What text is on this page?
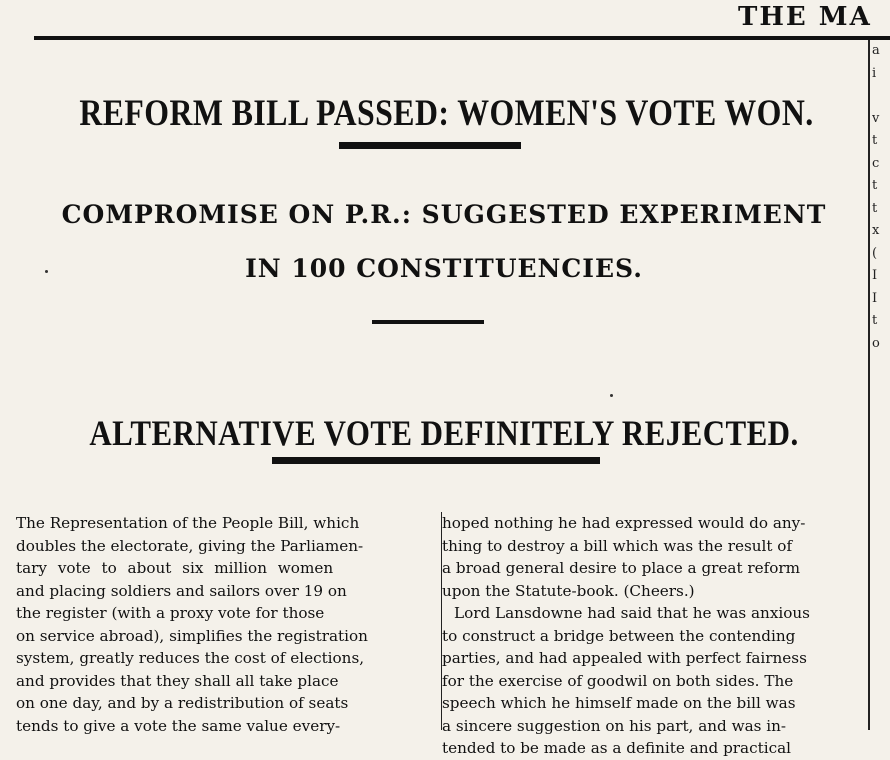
THE MA
REFORM BILL PASSED: WOMEN'S VOTE WON.
COMPROMISE ON P.R.: SUGGESTED EXPERIMENT
IN 100 CONSTITUENCIES.
ALTERNATIVE VOTE DEFINITELY REJECTED.
The Representation of the People Bill, which
doubles the electorate, giving the Parliamen-
tary vote to about six million women
and placing soldiers and sailors over 19 on
the register (with a proxy vote for those
on service abroad), simplifies the registration
system, greatly reduces the cost of elections,
and provides that they shall all take place
on one day, and by a redistribution of seats
tends to give a vote the same value every-
hoped nothing he had expressed would do any-
thing to destroy a bill which was the result of
a broad general desire to place a great reform
upon the Statute-book. (Cheers.)
Lord Lansdowne had said that he was anxious
to construct a bridge between the contending
parties, and had appealed with perfect fairness
for the exercise of goodwil on both sides. The
speech which he himself made on the bill was
a sincere suggestion on his part, and was in-
tended to be made as a definite and practical
a
i
v
t
c
t
t
x
(
I
I
t
o
